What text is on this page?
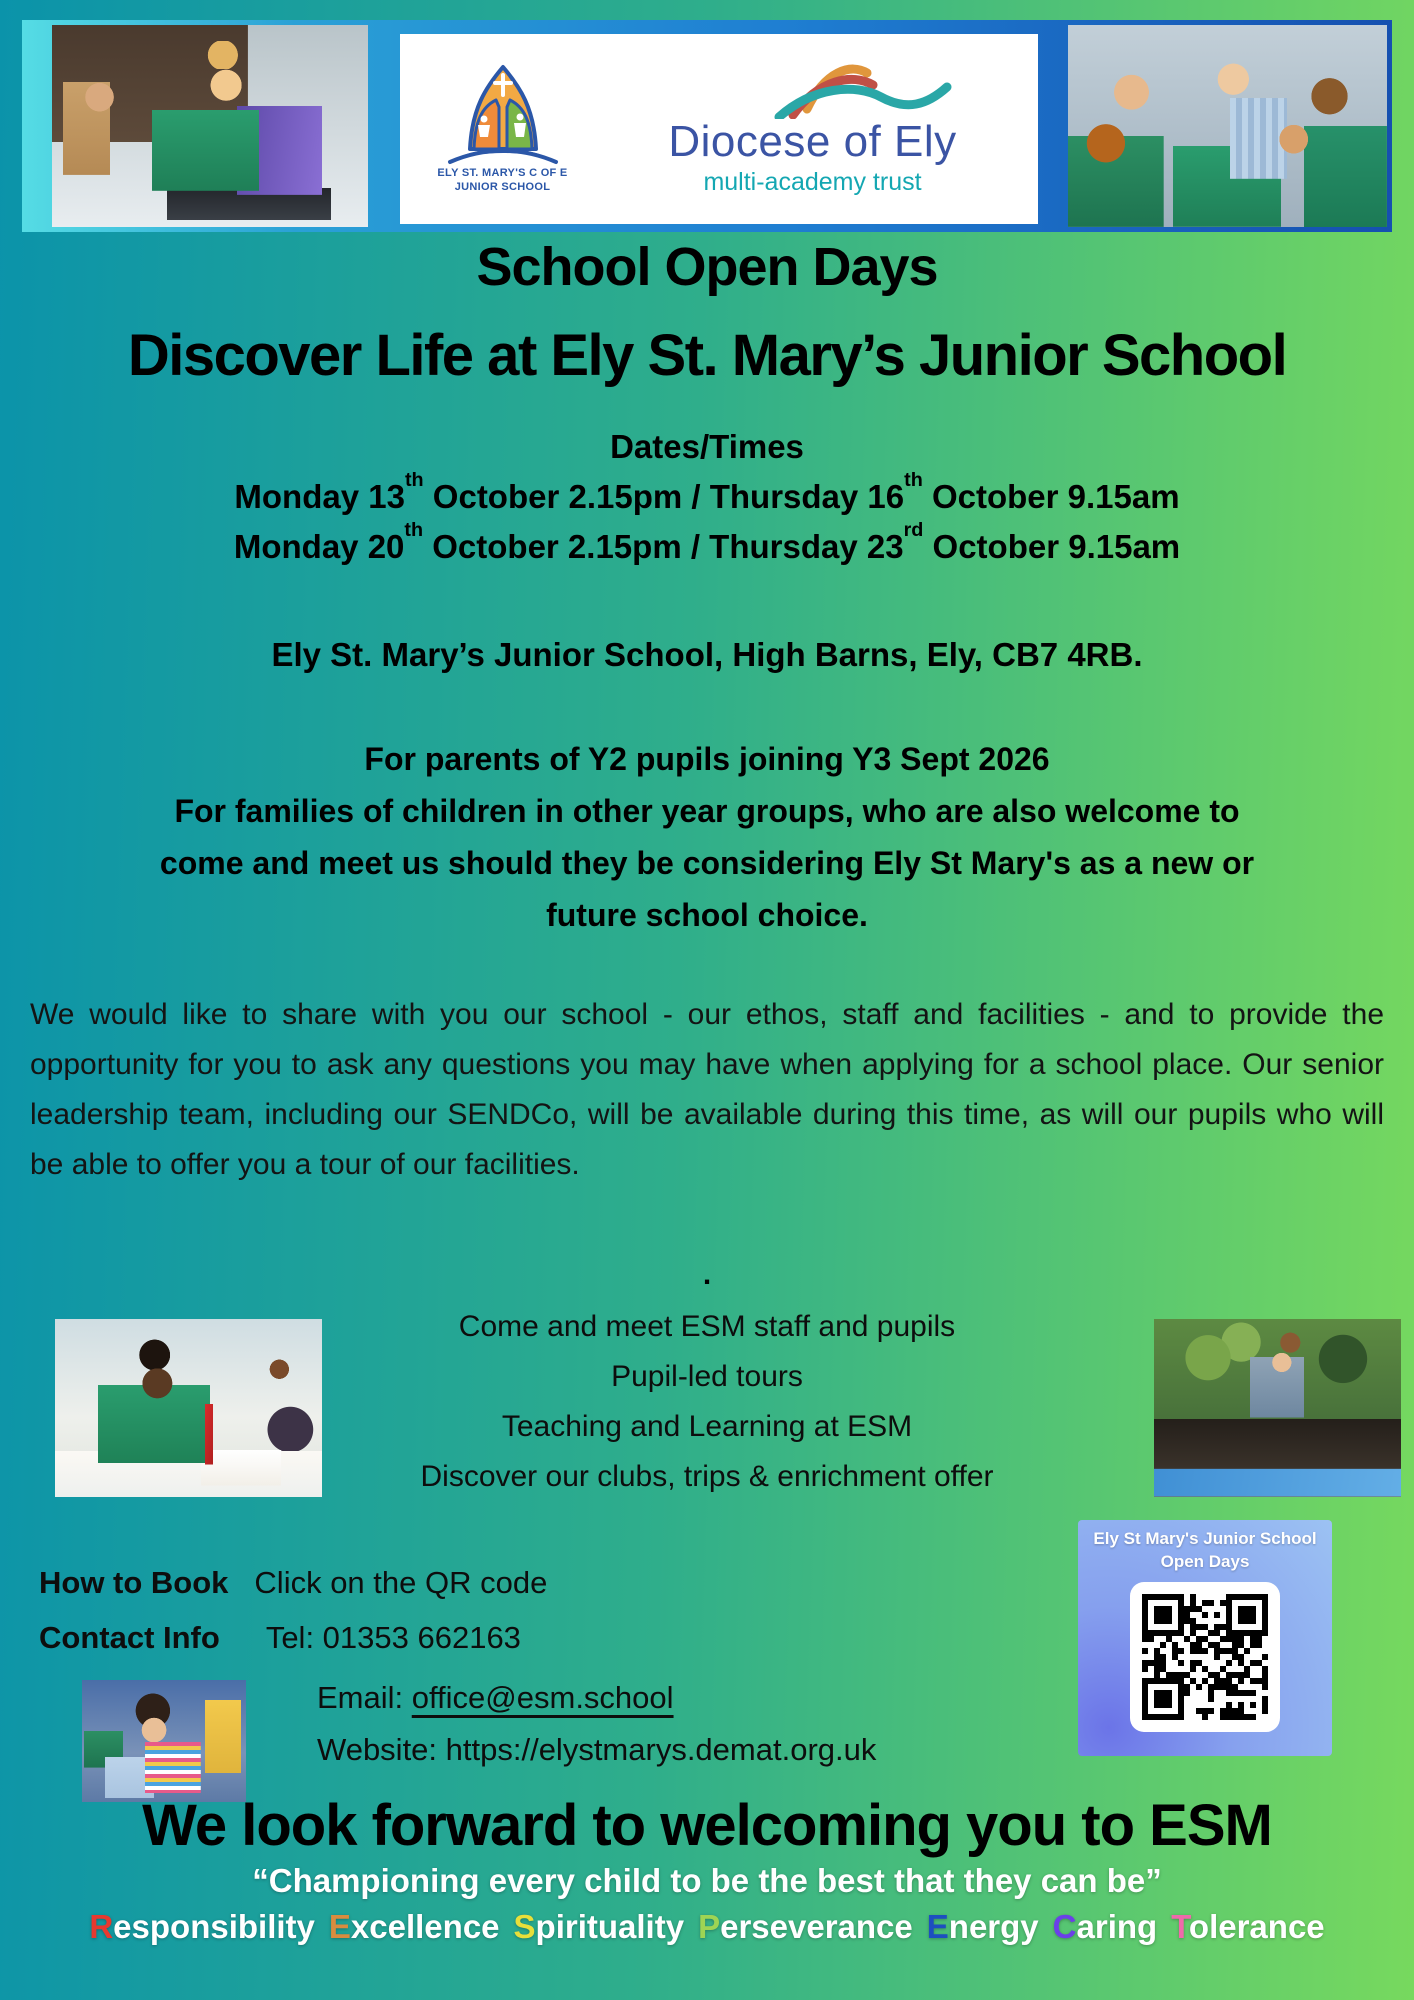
ELY ST. MARY'S C OF E
JUNIOR SCHOOL
Diocese of Ely
multi-academy trust
School Open Days
Discover Life at Ely St. Mary’s Junior School
Dates/Times
Monday 13th October 2.15pm / Thursday 16th October 9.15am
Monday 20th October 2.15pm / Thursday 23rd October 9.15am
Ely St. Mary’s Junior School, High Barns, Ely, CB7 4RB.
For parents of Y2 pupils joining Y3 Sept 2026
For families of children in other year groups, who are also welcome to
come and meet us should they be considering Ely St Mary's as a new or
future school choice.
We would like to share with you our school - our ethos, staff and facilities - and to provide the opportunity for you to ask any questions you may have when applying for a school place. Our senior leadership team, including our SENDCo, will be available during this time, as will our pupils who will be able to offer you a tour of our facilities.
.
Come and meet ESM staff and pupils
Pupil-led tours
Teaching and Learning at ESM
Discover our clubs, trips & enrichment offer
Ely St Mary's Junior School Open Days
How to Book Click on the QR code
Contact Info Tel: 01353 662163
Email: office@esm.school
Website: https://elystmarys.demat.org.uk
We look forward to welcoming you to ESM
“Championing every child to be the best that they can be”
Responsibility Excellence Spirituality Perseverance Energy Caring Tolerance
